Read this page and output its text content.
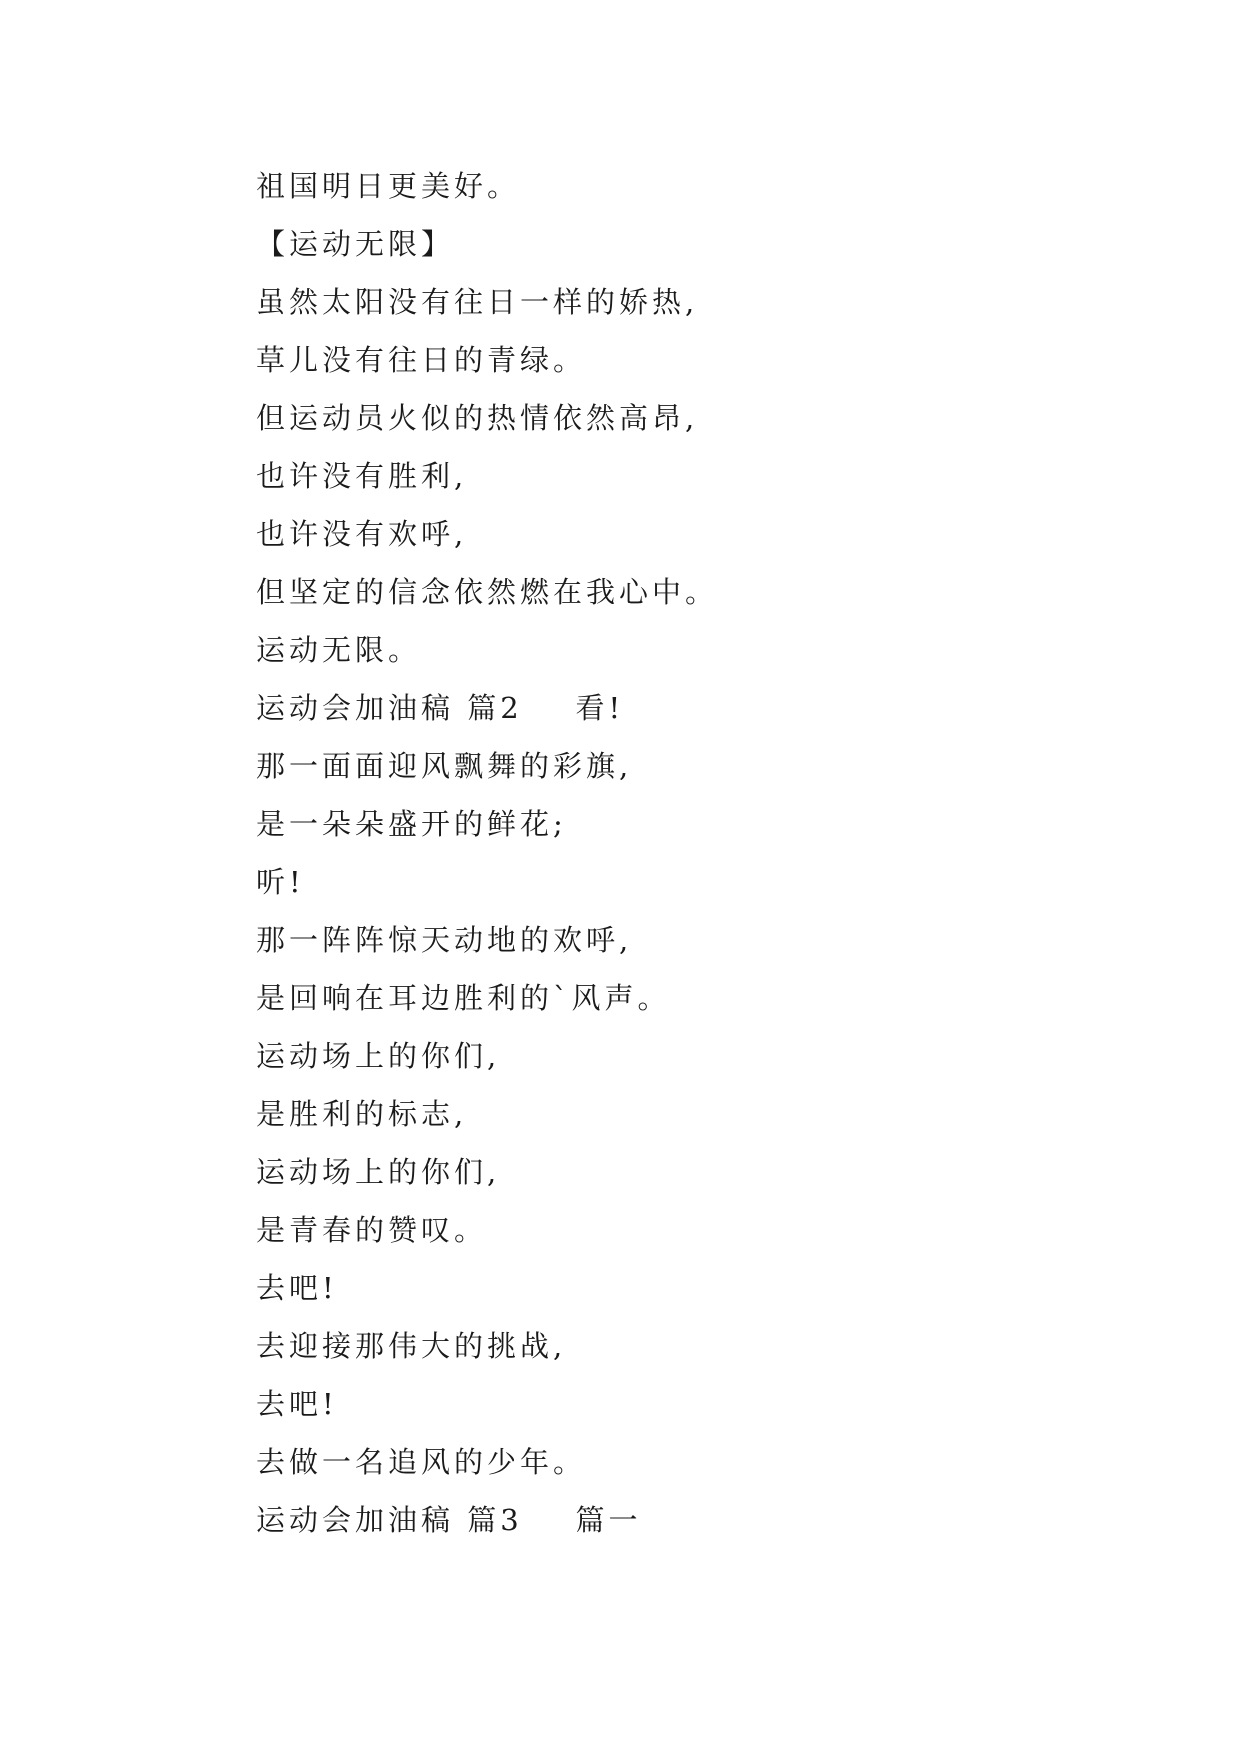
祖国明日更美好。
【运动无限】
虽然太阳没有往日一样的娇热,
草儿没有往日的青绿。
但运动员火似的热情依然高昂,
也许没有胜利,
也许没有欢呼,
但坚定的信念依然燃在我心中。
运动无限。
运动会加油稿 篇2    看!
那一面面迎风飘舞的彩旗,
是一朵朵盛开的鲜花;
听!
那一阵阵惊天动地的欢呼,
是回响在耳边胜利的`风声。
运动场上的你们,
是胜利的标志,
运动场上的你们,
是青春的赞叹。
去吧!
去迎接那伟大的挑战,
去吧!
去做一名追风的少年。
运动会加油稿 篇3    篇一
